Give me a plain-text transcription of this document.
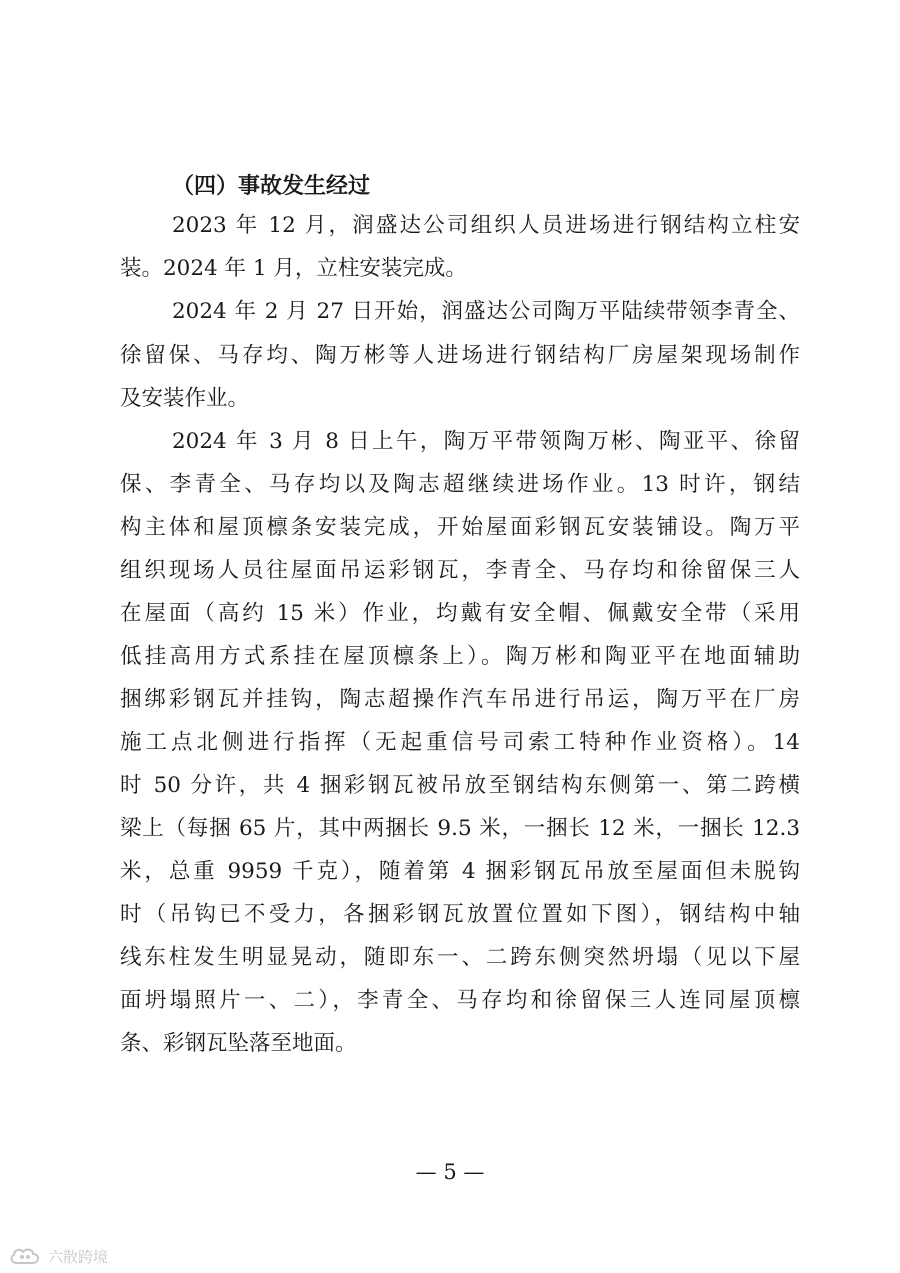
（四）事故发生经过
2023 年 12 月，润盛达公司组织人员进场进行钢结构立柱安
装。2024 年 1 月，立柱安装完成。
2024 年 2 月 27 日开始，润盛达公司陶万平陆续带领李青全、
徐留保、马存均、陶万彬等人进场进行钢结构厂房屋架现场制作
及安装作业。
2024 年 3 月 8 日上午，陶万平带领陶万彬、陶亚平、徐留
保、李青全、马存均以及陶志超继续进场作业。13 时许，钢结
构主体和屋顶檩条安装完成，开始屋面彩钢瓦安装铺设。陶万平
组织现场人员往屋面吊运彩钢瓦，李青全、马存均和徐留保三人
在屋面（高约 15 米）作业，均戴有安全帽、佩戴安全带（采用
低挂高用方式系挂在屋顶檩条上）。陶万彬和陶亚平在地面辅助
捆绑彩钢瓦并挂钩，陶志超操作汽车吊进行吊运，陶万平在厂房
施工点北侧进行指挥（无起重信号司索工特种作业资格）。14
时 50 分许，共 4 捆彩钢瓦被吊放至钢结构东侧第一、第二跨横
梁上（每捆 65 片，其中两捆长 9.5 米，一捆长 12 米，一捆长 12.3
米，总重 9959 千克），随着第 4 捆彩钢瓦吊放至屋面但未脱钩
时（吊钩已不受力，各捆彩钢瓦放置位置如下图），钢结构中轴
线东柱发生明显晃动，随即东一、二跨东侧突然坍塌（见以下屋
面坍塌照片一、二），李青全、马存均和徐留保三人连同屋顶檩
条、彩钢瓦坠落至地面。
— 5 —
六散跨境
